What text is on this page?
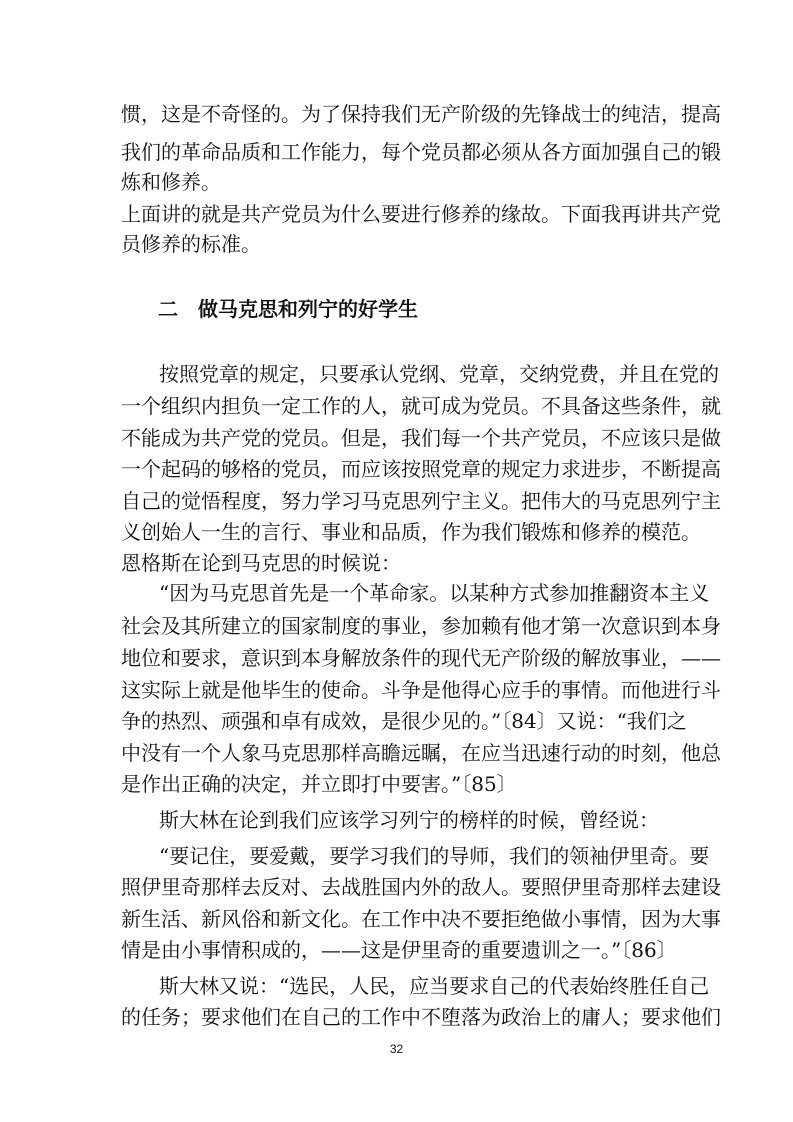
惯，这是不奇怪的。为了保持我们无产阶级的先锋战士的纯洁，提高
我们的革命品质和工作能力，每个党员都必须从各方面加强自己的锻
炼和修养。
上面讲的就是共产党员为什么要进行修养的缘故。下面我再讲共产党
员修养的标准。
二　做马克思和列宁的好学生
按照党章的规定，只要承认党纲、党章，交纳党费，并且在党的
一个组织内担负一定工作的人，就可成为党员。不具备这些条件，就
不能成为共产党的党员。但是，我们每一个共产党员，不应该只是做
一个起码的够格的党员，而应该按照党章的规定力求进步，不断提高
自己的觉悟程度，努力学习马克思列宁主义。把伟大的马克思列宁主
义创始人一生的言行、事业和品质，作为我们锻炼和修养的模范。
恩格斯在论到马克思的时候说：
“因为马克思首先是一个革命家。以某种方式参加推翻资本主义
社会及其所建立的国家制度的事业，参加赖有他才第一次意识到本身
地位和要求，意识到本身解放条件的现代无产阶级的解放事业，——
这实际上就是他毕生的使命。斗争是他得心应手的事情。而他进行斗
争的热烈、顽强和卓有成效，是很少见的。”〔84〕又说：“我们之
中没有一个人象马克思那样高瞻远瞩，在应当迅速行动的时刻，他总
是作出正确的决定，并立即打中要害。”〔85〕
斯大林在论到我们应该学习列宁的榜样的时候，曾经说：
“要记住，要爱戴，要学习我们的导师，我们的领袖伊里奇。要
照伊里奇那样去反对、去战胜国内外的敌人。要照伊里奇那样去建设
新生活、新风俗和新文化。在工作中决不要拒绝做小事情，因为大事
情是由小事情积成的，——这是伊里奇的重要遗训之一。”〔86〕
斯大林又说：“选民，人民，应当要求自己的代表始终胜任自己
的任务；要求他们在自己的工作中不堕落为政治上的庸人；要求他们
32
